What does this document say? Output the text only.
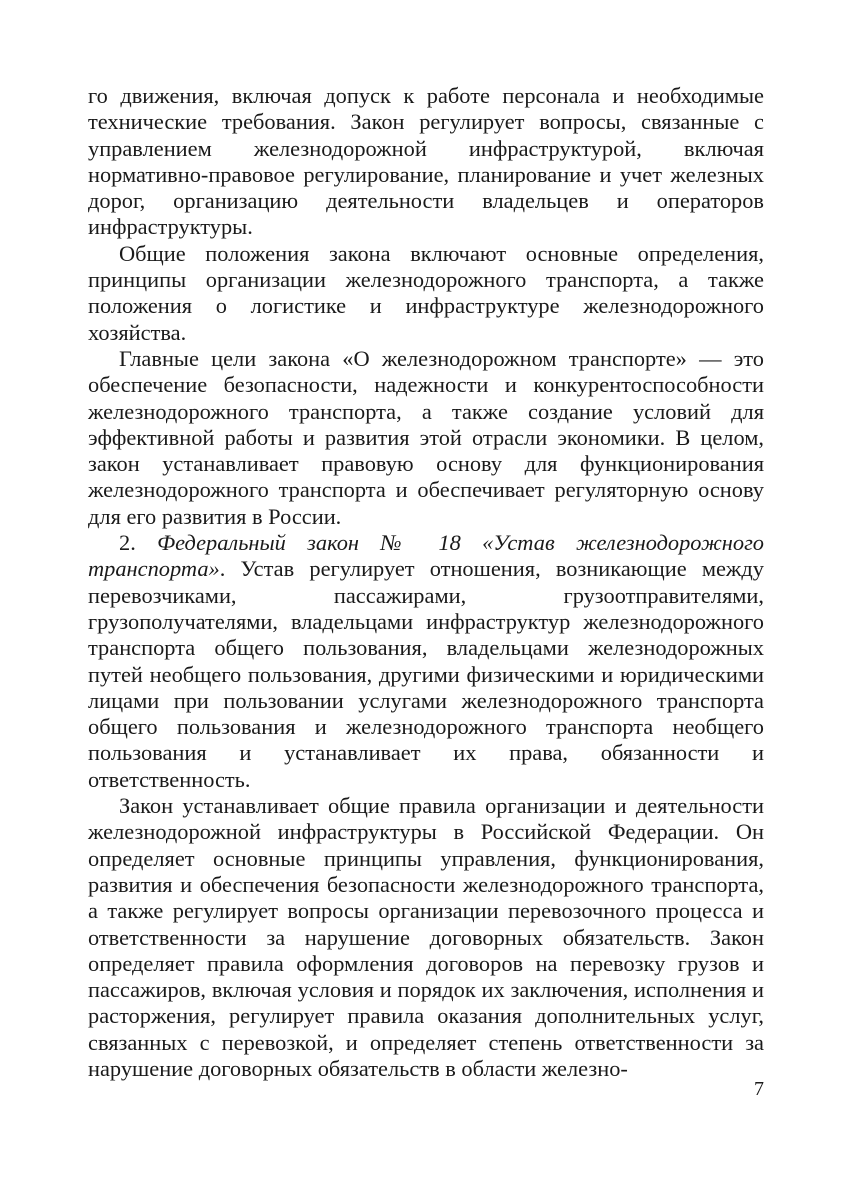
го движения, включая допуск к работе персонала и необходимые технические требования. Закон регулирует вопросы, связанные с управлением железнодорожной инфраструктурой, включая нормативно-правовое регулирование, планирование и учет железных дорог, организацию деятельности владельцев и операторов инфраструктуры.

Общие положения закона включают основные определения, принципы организации железнодорожного транспорта, а также положения о логистике и инфраструктуре железнодорожного хозяйства.

Главные цели закона «О железнодорожном транспорте» — это обеспечение безопасности, надежности и конкурентоспособности железнодорожного транспорта, а также создание условий для эффективной работы и развития этой отрасли экономики. В целом, закон устанавливает правовую основу для функционирования железнодорожного транспорта и обеспечивает регуляторную основу для его развития в России.

2. Федеральный закон № 18 «Устав железнодорожного транспорта». Устав регулирует отношения, возникающие между перевозчиками, пассажирами, грузоотправителями, грузополучателями, владельцами инфраструктур железнодорожного транспорта общего пользования, владельцами железнодорожных путей необщего пользования, другими физическими и юридическими лицами при пользовании услугами железнодорожного транспорта общего пользования и железнодорожного транспорта необщего пользования и устанавливает их права, обязанности и ответственность.

Закон устанавливает общие правила организации и деятельности железнодорожной инфраструктуры в Российской Федерации. Он определяет основные принципы управления, функционирования, развития и обеспечения безопасности железнодорожного транспорта, а также регулирует вопросы организации перевозочного процесса и ответственности за нарушение договорных обязательств. Закон определяет правила оформления договоров на перевозку грузов и пассажиров, включая условия и порядок их заключения, исполнения и расторжения, регулирует правила оказания дополнительных услуг, связанных с перевозкой, и определяет степень ответственности за нарушение договорных обязательств в области железно-

7
